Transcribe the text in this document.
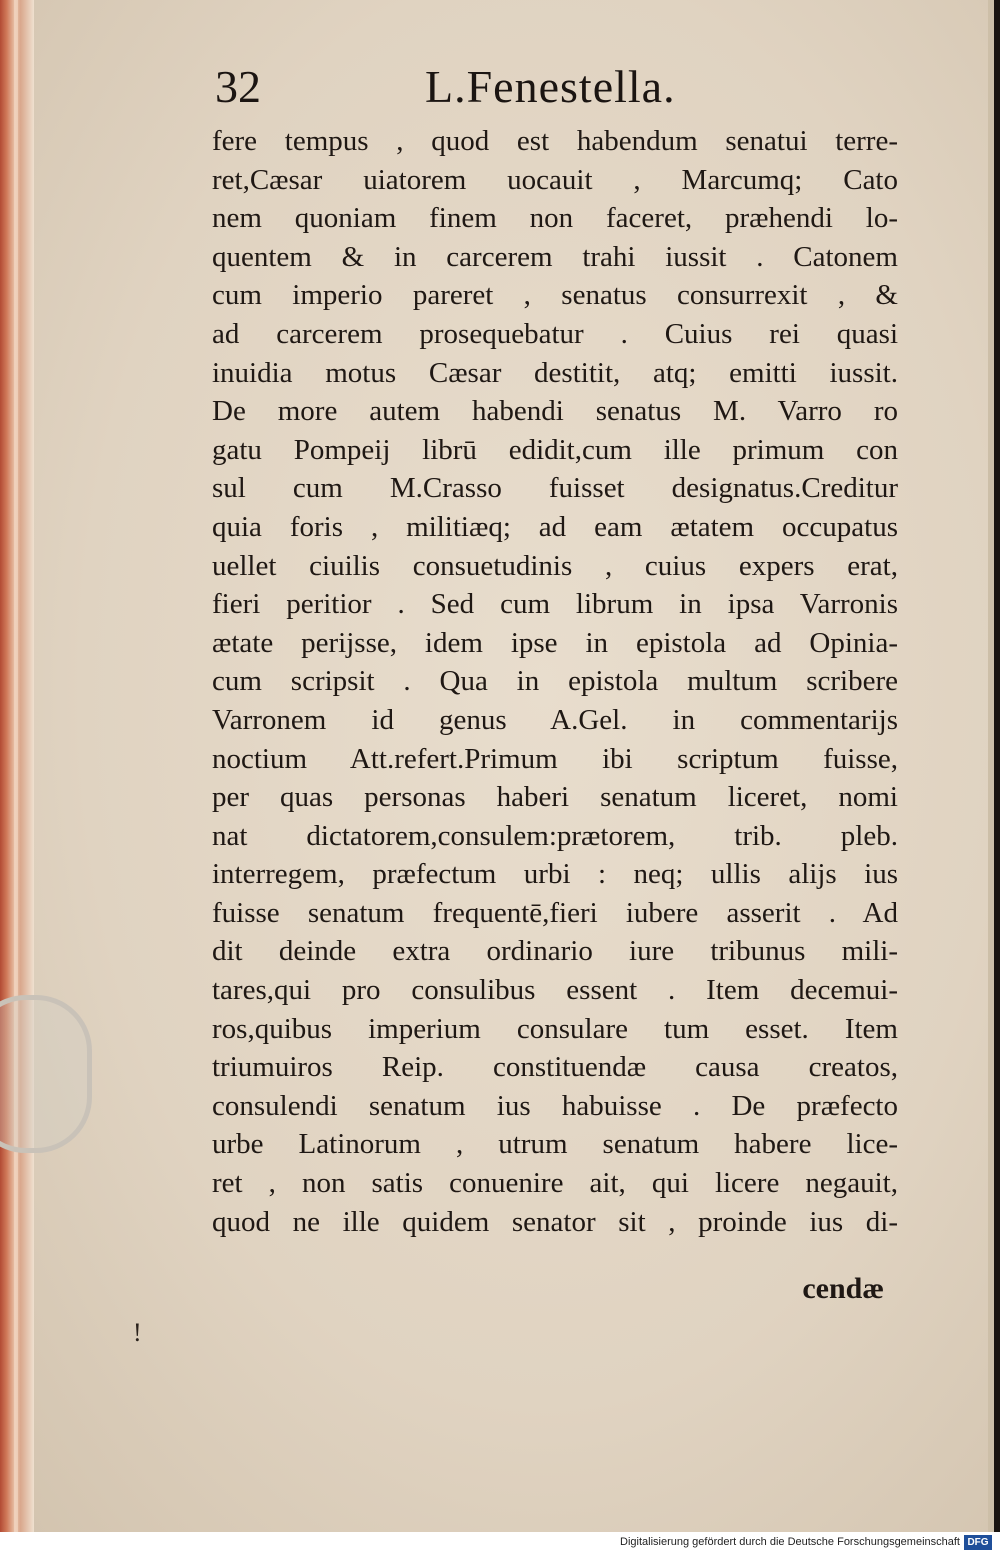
32	L.Fenestella.
fere tempus , quod est habendum senatui terre-
ret,Cæsar uiatorem uocauit , Marcumq; Cato
nem quoniam finem non faceret, præhendi lo-
quentem & in carcerem trahi iussit . Catonem
cum imperio pareret , senatus consurrexit , &
ad carcerem prosequebatur . Cuius rei quasi
inuidia motus Cæsar destitit, atq; emitti iussit.
De more autem habendi senatus M. Varro ro
gatu Pompeij librū edidit,cum ille primum con
sul cum M.Crasso fuisset designatus.Creditur
quia foris , militiæq; ad eam ætatem occupatus
uellet ciuilis consuetudinis , cuius expers erat,
fieri peritior . Sed cum librum in ipsa Varronis
ætate perijsse, idem ipse in epistola ad Opinia-
cum scripsit . Qua in epistola multum scribere
Varronem id genus A.Gel. in commentarijs
noctium Att.refert.Primum ibi scriptum fuisse,
per quas personas haberi senatum liceret, nomi
nat dictatorem,consulem:prætorem, trib. pleb.
interregem, præfectum urbi : neq; ullis alijs ius
fuisse senatum frequentē,fieri iubere asserit . Ad
dit deinde extra ordinario iure tribunus mili-
tares,qui pro consulibus essent . Item decemui-
ros,quibus imperium consulare tum esset. Item
triumuiros Reip. constituendæ causa creatos,
consulendi senatum ius habuisse . De præfecto
urbe Latinorum , utrum senatum habere lice-
ret , non satis conuenire ait, qui licere negauit,
quod ne ille quidem senator sit , proinde ius di-
cendæ
!
Digitalisierung gefördert durch die Deutsche Forschungsgemeinschaft DFG
